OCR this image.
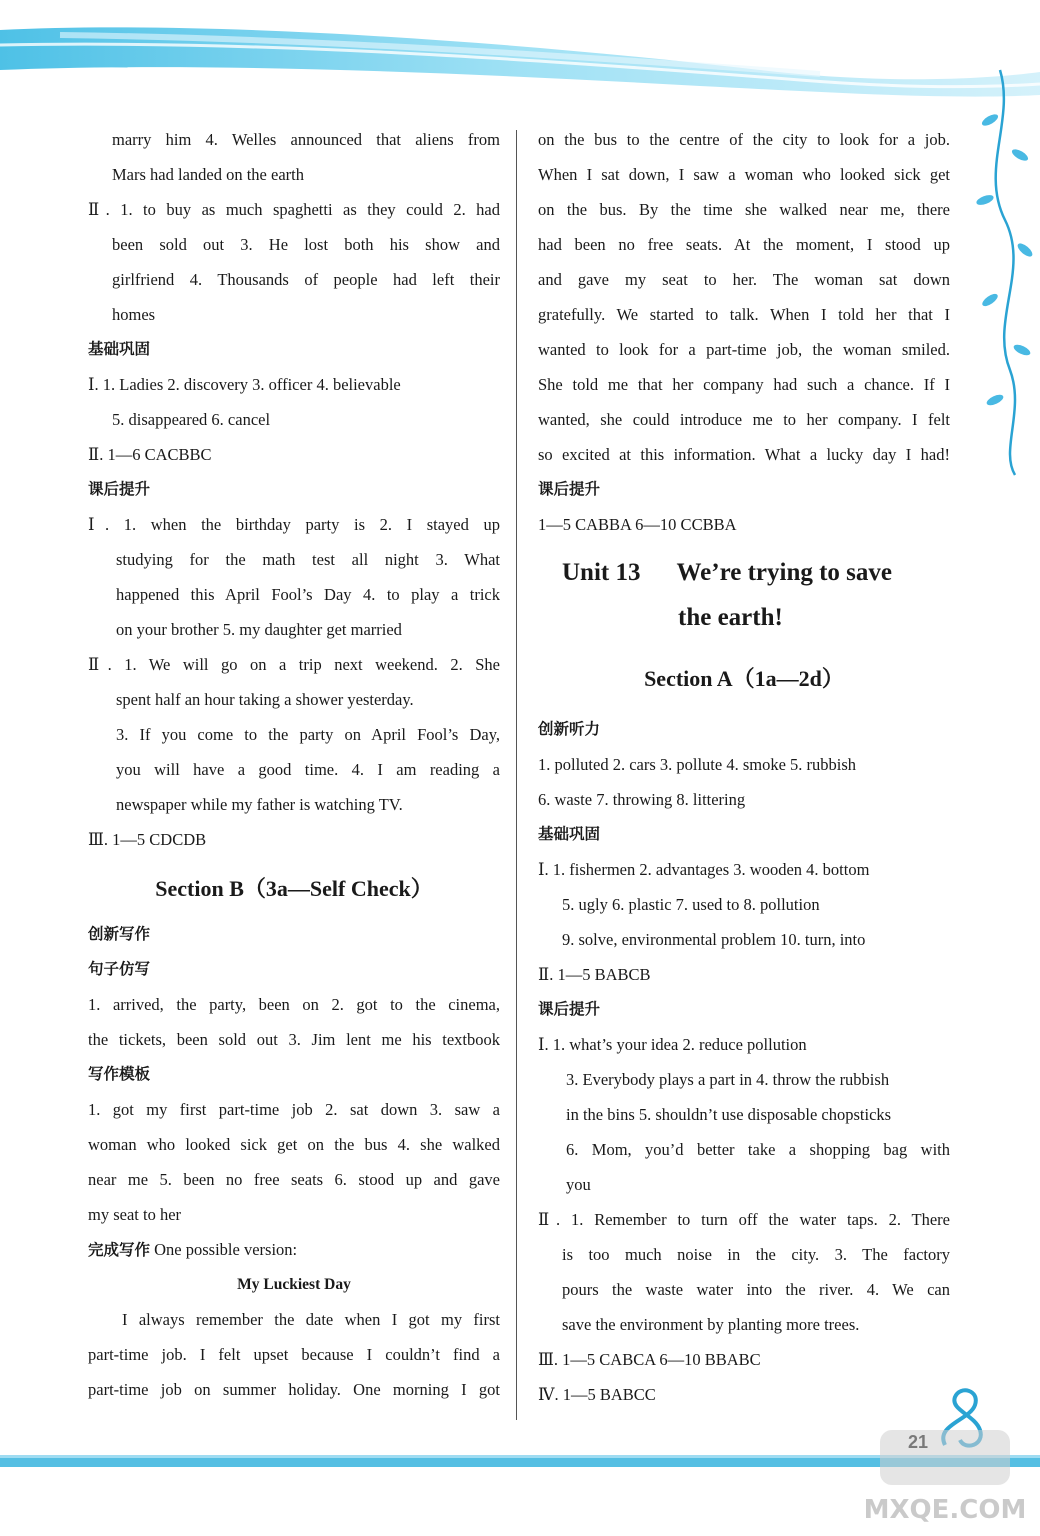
marry him 4. Welles announced that aliens from
Mars had landed on the earth
Ⅱ. 1. to buy as much spaghetti as they could 2. had
been sold out 3. He lost both his show and
girlfriend 4. Thousands of people had left their
homes
基础巩固
Ⅰ. 1. Ladies 2. discovery 3. officer 4. believable
5. disappeared 6. cancel
Ⅱ. 1—6 CACBBC
课后提升
Ⅰ. 1. when the birthday party is 2. I stayed up
studying for the math test all night 3. What
happened this April Fool’s Day 4. to play a trick
on your brother 5. my daughter get married
Ⅱ. 1. We will go on a trip next weekend. 2. She
spent half an hour taking a shower yesterday.
3. If you come to the party on April Fool’s Day,
you will have a good time. 4. I am reading a
newspaper while my father is watching TV.
Ⅲ. 1—5 CDCDB
Section B（3a—Self Check）
创新写作
句子仿写
1. arrived, the party, been on 2. got to the cinema,
the tickets, been sold out 3. Jim lent me his textbook
写作模板
1. got my first part-time job 2. sat down 3. saw a
woman who looked sick get on the bus 4. she walked
near me 5. been no free seats 6. stood up and gave
my seat to her
完成写作 One possible version:
My Luckiest Day
I always remember the date when I got my first
part-time job. I felt upset because I couldn’t find a
part-time job on summer holiday. One morning I got
on the bus to the centre of the city to look for a job.
When I sat down, I saw a woman who looked sick get
on the bus. By the time she walked near me, there
had been no free seats. At the moment, I stood up
and gave my seat to her. The woman sat down
gratefully. We started to talk. When I told her that I
wanted to look for a part-time job, the woman smiled.
She told me that her company had such a chance. If I
wanted, she could introduce me to her company. I felt
so excited at this information. What a lucky day I had!
课后提升
1—5 CABBA 6—10 CCBBA
Unit 13 We’re trying to save
the earth!
Section A（1a—2d）
创新听力
1. polluted 2. cars 3. pollute 4. smoke 5. rubbish
6. waste 7. throwing 8. littering
基础巩固
Ⅰ. 1. fishermen 2. advantages 3. wooden 4. bottom
5. ugly 6. plastic 7. used to 8. pollution
9. solve, environmental problem 10. turn, into
Ⅱ. 1—5 BABCB
课后提升
Ⅰ. 1. what’s your idea 2. reduce pollution
3. Everybody plays a part in 4. throw the rubbish
in the bins 5. shouldn’t use disposable chopsticks
6. Mom, you’d better take a shopping bag with
you
Ⅱ. 1. Remember to turn off the water taps. 2. There
is too much noise in the city. 3. The factory
pours the waste water into the river. 4. We can
save the environment by planting more trees.
Ⅲ. 1—5 CABCA 6—10 BBABC
Ⅳ. 1—5 BABCC
MXQE.COM
